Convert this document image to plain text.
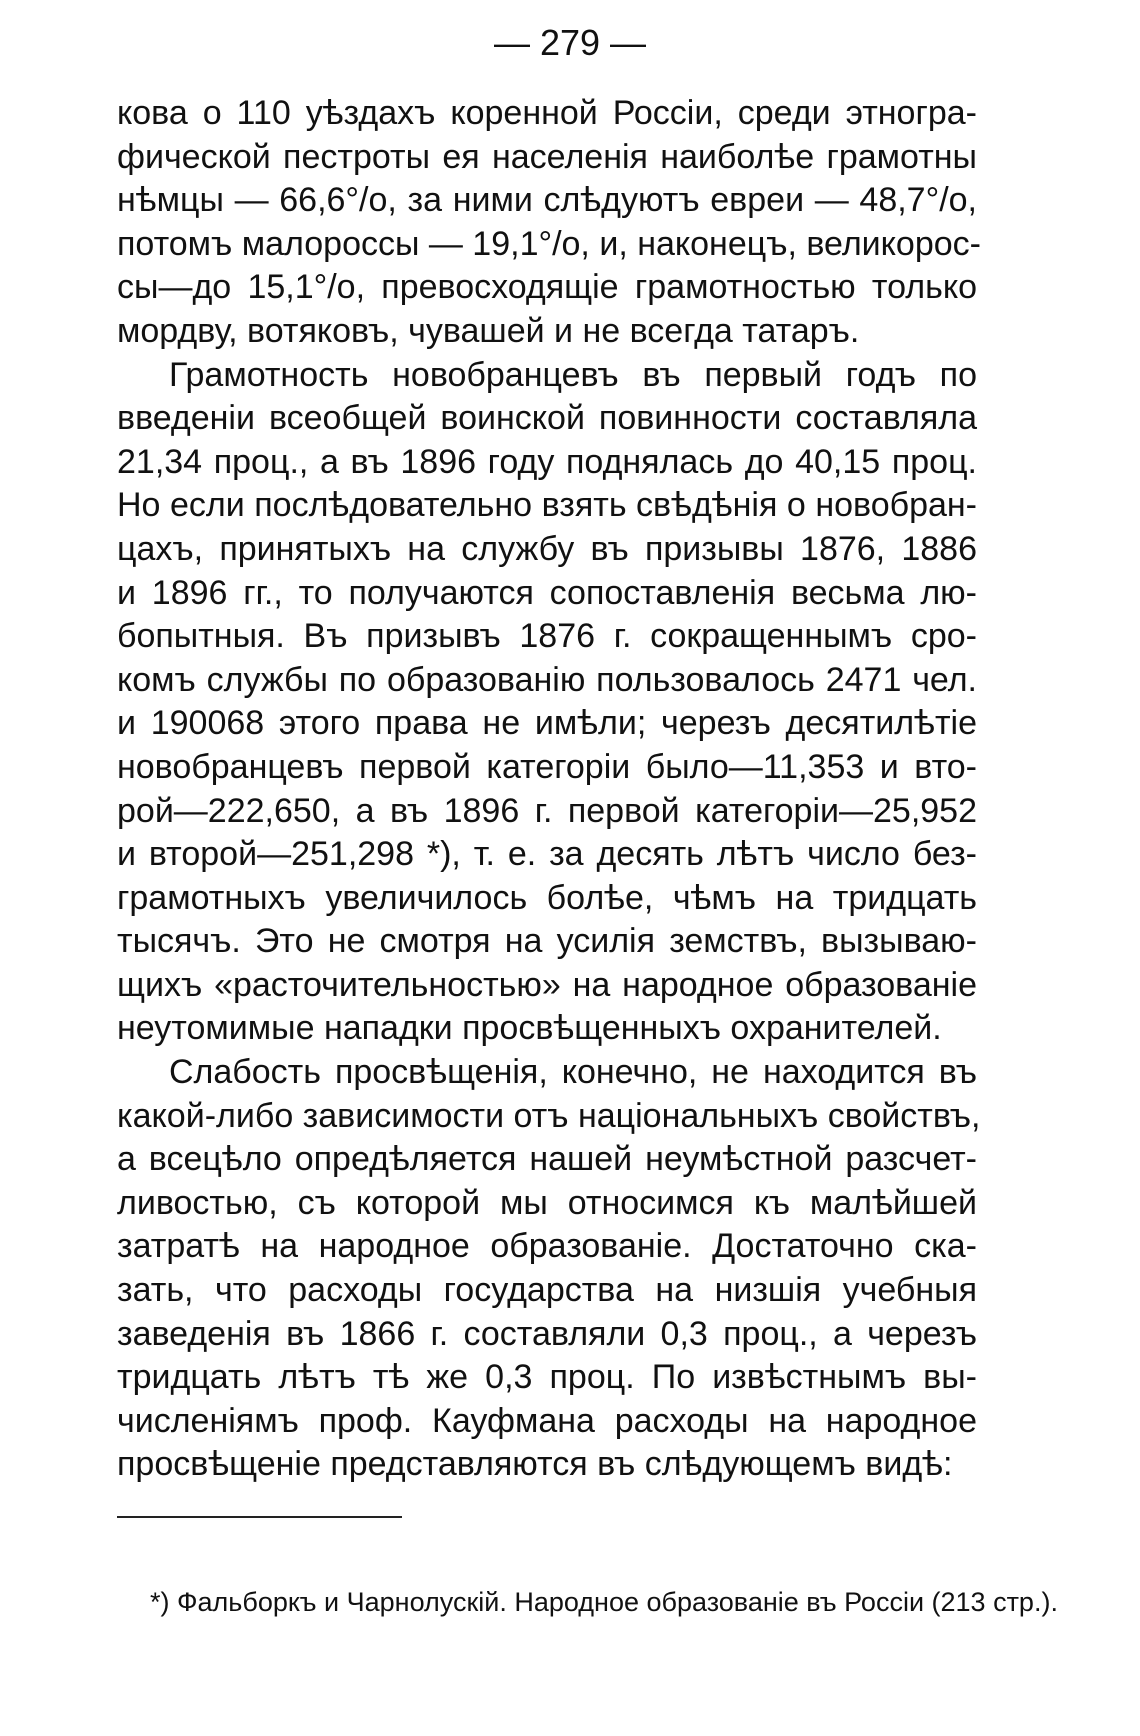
— 279 —
кова о 110 уѣздахъ коренной Россіи, среди этногра-
фической пестроты ея населенія наиболѣе грамотны
нѣмцы — 66,6°/о, за ними слѣдуютъ евреи — 48,7°/о,
потомъ малороссы — 19,1°/о, и, наконецъ, великорос-
сы—до 15,1°/о, превосходящіе грамотностью только
мордву, вотяковъ, чувашей и не всегда татаръ.
Грамотность новобранцевъ въ первый годъ по
введеніи всеобщей воинской повинности составляла
21,34 проц., а въ 1896 году поднялась до 40,15 проц.
Но если послѣдовательно взять свѣдѣнія о новобран-
цахъ, принятыхъ на службу въ призывы 1876, 1886
и 1896 гг., то получаются сопоставленія весьма лю-
бопытныя. Въ призывъ 1876 г. сокращеннымъ сро-
комъ службы по образованію пользовалось 2471 чел.
и 190068 этого права не имѣли; черезъ десятилѣтіе
новобранцевъ первой категоріи было—11,353 и вто-
рой—222,650, а въ 1896 г. первой категоріи—25,952
и второй—251,298 *), т. е. за десять лѣтъ число без-
грамотныхъ увеличилось болѣе, чѣмъ на тридцать
тысячъ. Это не смотря на усилія земствъ, вызываю-
щихъ «расточительностью» на народное образованіе
неутомимые нападки просвѣщенныхъ охранителей.
Слабость просвѣщенія, конечно, не находится въ
какой-либо зависимости отъ національныхъ свойствъ,
а всецѣло опредѣляется нашей неумѣстной разсчет-
ливостью, съ которой мы относимся къ малѣйшей
затратѣ на народное образованіе. Достаточно ска-
зать, что расходы государства на низшія учебныя
заведенія въ 1866 г. составляли 0,3 проц., а черезъ
тридцать лѣтъ тѣ же 0,3 проц. По извѣстнымъ вы-
численіямъ проф. Кауфмана расходы на народное
просвѣщеніе представляются въ слѣдующемъ видѣ:
*) Фальборкъ и Чарнолускій. Народное образованіе въ Россіи (213 стр.).
